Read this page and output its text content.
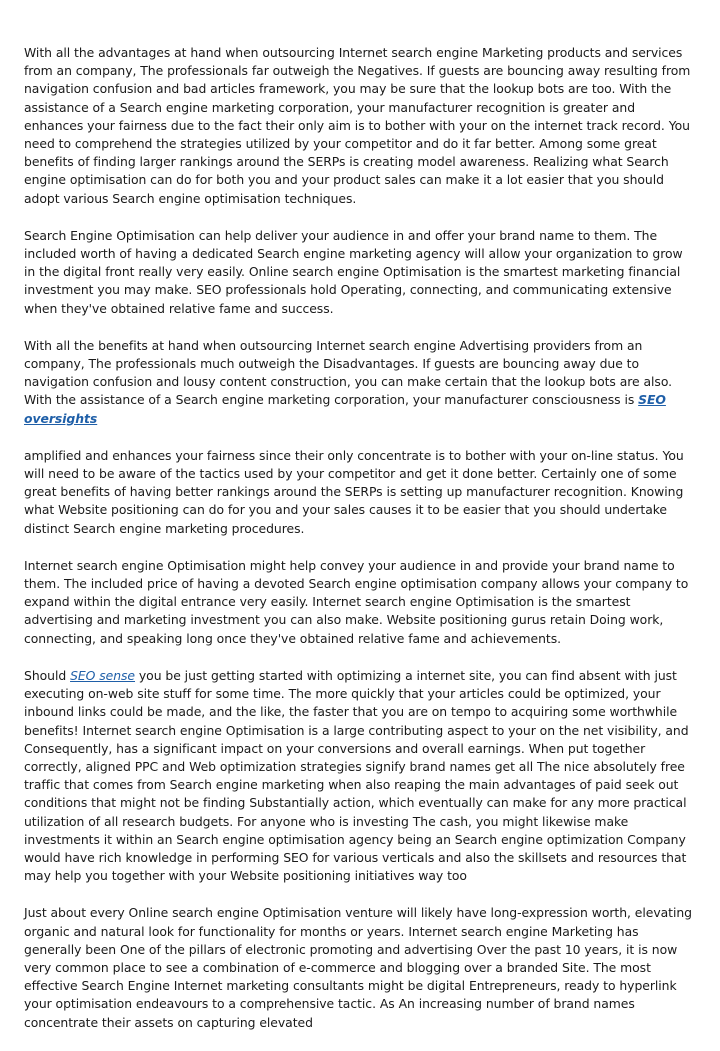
With all the advantages at hand when outsourcing Internet search engine Marketing products and services from an company, The professionals far outweigh the Negatives. If guests are bouncing away resulting from navigation confusion and bad articles framework, you may be sure that the lookup bots are too. With the assistance of a Search engine marketing corporation, your manufacturer recognition is greater and enhances your fairness due to the fact their only aim is to bother with your on the internet track record. You need to comprehend the strategies utilized by your competitor and do it far better. Among some great benefits of finding larger rankings around the SERPs is creating model awareness. Realizing what Search engine optimisation can do for both you and your product sales can make it a lot easier that you should adopt various Search engine optimisation techniques.

Search Engine Optimisation can help deliver your audience in and offer your brand name to them. The included worth of having a dedicated Search engine marketing agency will allow your organization to grow in the digital front really very easily. Online search engine Optimisation is the smartest marketing financial investment you may make. SEO professionals hold Operating, connecting, and communicating extensive when they've obtained relative fame and success.

With all the benefits at hand when outsourcing Internet search engine Advertising providers from an company, The professionals much outweigh the Disadvantages. If guests are bouncing away due to navigation confusion and lousy content construction, you can make certain that the lookup bots are also. With the assistance of a Search engine marketing corporation, your manufacturer consciousness is SEO oversights

amplified and enhances your fairness since their only concentrate is to bother with your on-line status. You will need to be aware of the tactics used by your competitor and get it done better. Certainly one of some great benefits of having better rankings around the SERPs is setting up manufacturer recognition. Knowing what Website positioning can do for you and your sales causes it to be easier that you should undertake distinct Search engine marketing procedures.

Internet search engine Optimisation might help convey your audience in and provide your brand name to them. The included price of having a devoted Search engine optimisation company allows your company to expand within the digital entrance very easily. Internet search engine Optimisation is the smartest advertising and marketing investment you can also make. Website positioning gurus retain Doing work, connecting, and speaking long once they've obtained relative fame and achievements.

Should SEO sense you be just getting started with optimizing a internet site, you can find absent with just executing on-web site stuff for some time. The more quickly that your articles could be optimized, your inbound links could be made, and the like, the faster that you are on tempo to acquiring some worthwhile benefits! Internet search engine Optimisation is a large contributing aspect to your on the net visibility, and Consequently, has a significant impact on your conversions and overall earnings. When put together correctly, aligned PPC and Web optimization strategies signify brand names get all The nice absolutely free traffic that comes from Search engine marketing when also reaping the main advantages of paid seek out conditions that might not be finding Substantially action, which eventually can make for any more practical utilization of all research budgets. For anyone who is investing The cash, you might likewise make investments it within an Search engine optimisation agency being an Search engine optimization Company would have rich knowledge in performing SEO for various verticals and also the skillsets and resources that may help you together with your Website positioning initiatives way too

Just about every Online search engine Optimisation venture will likely have long-expression worth, elevating organic and natural look for functionality for months or years. Internet search engine Marketing has generally been One of the pillars of electronic promoting and advertising Over the past 10 years, it is now very common place to see a combination of e-commerce and blogging over a branded Site. The most effective Search Engine Internet marketing consultants might be digital Entrepreneurs, ready to hyperlink your optimisation endeavours to a comprehensive tactic. As An increasing number of brand names concentrate their assets on capturing elevated
